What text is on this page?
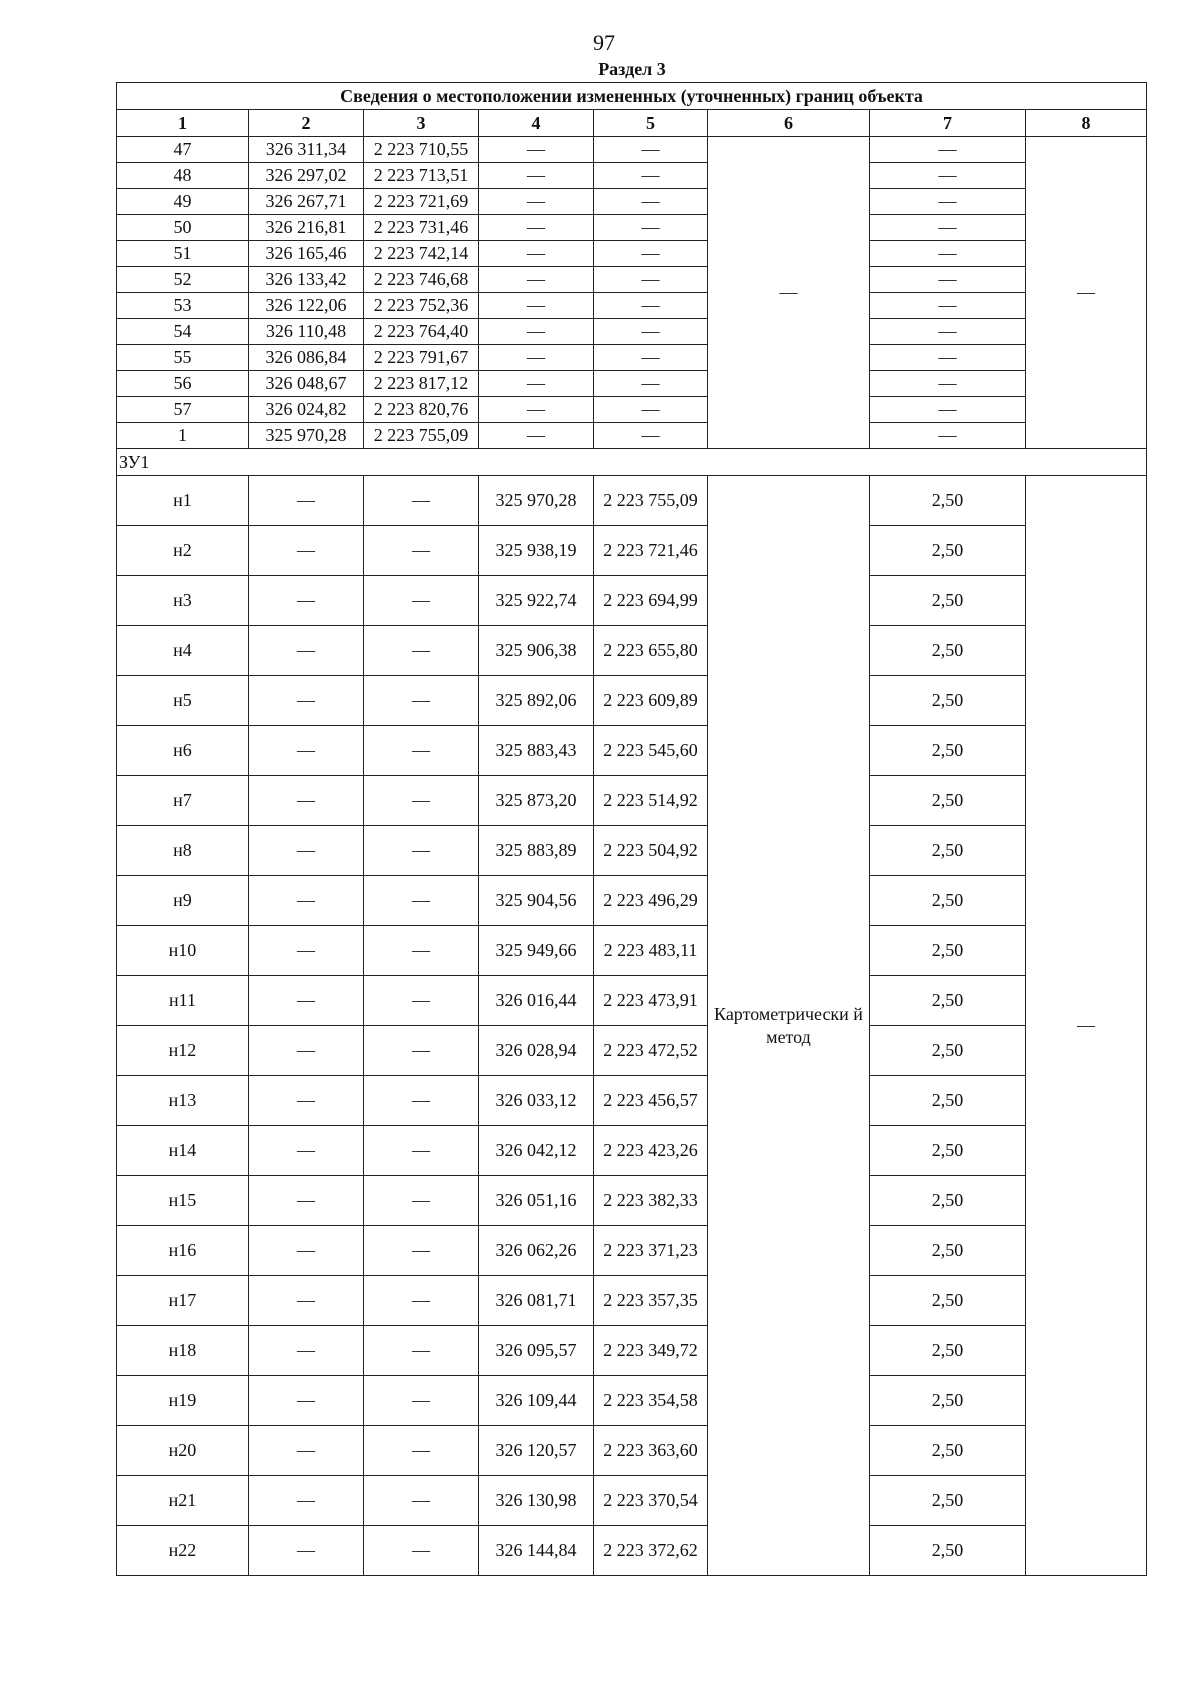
97
Раздел 3
Сведения о местоположении измененных (уточненных) границ объекта							
1	2	3	4	5	6	7	8
47	326 311,34	2 223 710,55	—	—	—	—	—
48	326 297,02	2 223 713,51	—	—		—	
49	326 267,71	2 223 721,69	—	—		—	
50	326 216,81	2 223 731,46	—	—		—	
51	326 165,46	2 223 742,14	—	—		—	
52	326 133,42	2 223 746,68	—	—		—	
53	326 122,06	2 223 752,36	—	—		—	
54	326 110,48	2 223 764,40	—	—		—	
55	326 086,84	2 223 791,67	—	—		—	
56	326 048,67	2 223 817,12	—	—		—	
57	326 024,82	2 223 820,76	—	—		—	
1	325 970,28	2 223 755,09	—	—		—	
ЗУ1							
н1	—	—	325 970,28	2 223 755,09	Картометрически й метод	2,50	—
н2	—	—	325 938,19	2 223 721,46		2,50	
н3	—	—	325 922,74	2 223 694,99		2,50	
н4	—	—	325 906,38	2 223 655,80		2,50	
н5	—	—	325 892,06	2 223 609,89		2,50	
н6	—	—	325 883,43	2 223 545,60		2,50	
н7	—	—	325 873,20	2 223 514,92		2,50	
н8	—	—	325 883,89	2 223 504,92		2,50	
н9	—	—	325 904,56	2 223 496,29		2,50	
н10	—	—	325 949,66	2 223 483,11		2,50	
н11	—	—	326 016,44	2 223 473,91		2,50	
н12	—	—	326 028,94	2 223 472,52		2,50	
н13	—	—	326 033,12	2 223 456,57		2,50	
н14	—	—	326 042,12	2 223 423,26		2,50	
н15	—	—	326 051,16	2 223 382,33		2,50	
н16	—	—	326 062,26	2 223 371,23		2,50	
н17	—	—	326 081,71	2 223 357,35		2,50	
н18	—	—	326 095,57	2 223 349,72		2,50	
н19	—	—	326 109,44	2 223 354,58		2,50	
н20	—	—	326 120,57	2 223 363,60		2,50	
н21	—	—	326 130,98	2 223 370,54		2,50	
н22	—	—	326 144,84	2 223 372,62		2,50	
